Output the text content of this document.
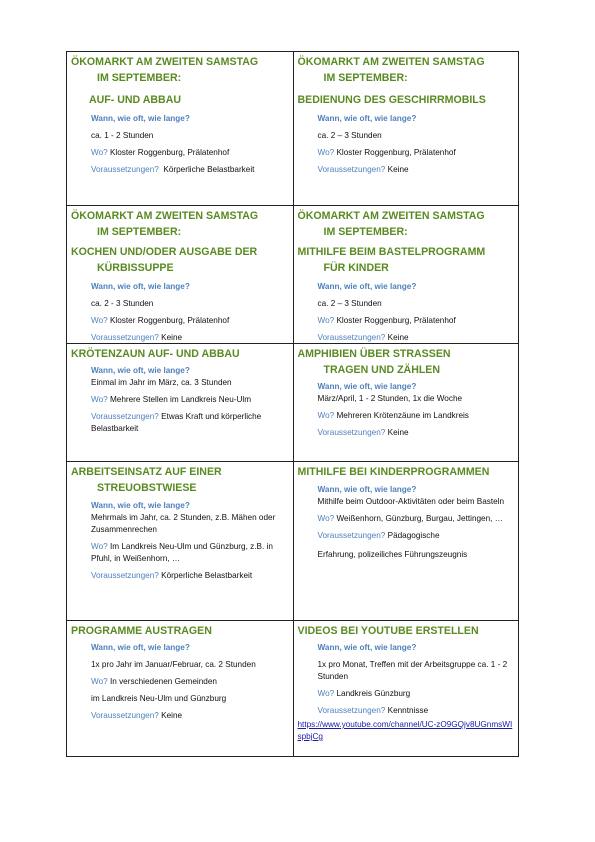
ÖKOMARKT AM ZWEITEN SAMSTAG
IM SEPTEMBER:
AUF- UND ABBAU
Wann, wie oft, wie lange?
ca. 1 - 2 Stunden
Wo? Kloster Roggenburg, Prälatenhof
Voraussetzungen? Körperliche Belastbarkeit
ÖKOMARKT AM ZWEITEN SAMSTAG
IM SEPTEMBER:
BEDIENUNG DES GESCHIRRMOBILS
Wann, wie oft, wie lange?
ca. 2 – 3 Stunden
Wo? Kloster Roggenburg, Prälatenhof
Voraussetzungen? Keine
ÖKOMARKT AM ZWEITEN SAMSTAG
IM SEPTEMBER:
KOCHEN UND/ODER AUSGABE DER
KÜRBISSUPPE
Wann, wie oft, wie lange?
ca. 2 - 3 Stunden
Wo? Kloster Roggenburg, Prälatenhof
Voraussetzungen? Keine
ÖKOMARKT AM ZWEITEN SAMSTAG
IM SEPTEMBER:
MITHILFE BEIM BASTELPROGRAMM
FÜR KINDER
Wann, wie oft, wie lange?
ca. 2 – 3 Stunden
Wo? Kloster Roggenburg, Prälatenhof
Voraussetzungen? Keine
KRÖTENZAUN AUF- UND ABBAU
Wann, wie oft, wie lange?
Einmal im Jahr im März, ca. 3 Stunden
Wo? Mehrere Stellen im Landkreis Neu-Ulm
Voraussetzungen? Etwas Kraft und körperliche Belastbarkeit
AMPHIBIEN ÜBER STRASSEN
TRAGEN UND ZÄHLEN
Wann, wie oft, wie lange?
März/April, 1 - 2 Stunden, 1x die Woche
Wo? Mehreren Krötenzäune im Landkreis
Voraussetzungen? Keine
ARBEITSEINSATZ AUF EINER
STREUOBSTWIESE
Wann, wie oft, wie lange?
Mehrmals im Jahr, ca. 2 Stunden, z.B. Mähen oder Zusammenrechen
Wo? Im Landkreis Neu-Ulm und Günzburg, z.B. in Pfuhl, in Weißenhorn, …
Voraussetzungen? Körperliche Belastbarkeit
MITHILFE BEI KINDERPROGRAMMEN
Wann, wie oft, wie lange?
Mithilfe beim Outdoor-Aktivitäten oder beim Basteln
Wo? Weißenhorn, Günzburg, Burgau, Jettingen, …
Voraussetzungen? Pädagogische
Erfahrung, polizeiliches Führungszeugnis
PROGRAMME AUSTRAGEN
Wann, wie oft, wie lange?
1x pro Jahr im Januar/Februar, ca. 2 Stunden
Wo? In verschiedenen Gemeinden
im Landkreis Neu-Ulm und Günzburg
Voraussetzungen? Keine
VIDEOS BEI YOUTUBE ERSTELLEN
Wann, wie oft, wie lange?
1x pro Monat, Treffen mit der Arbeitsgruppe ca. 1 - 2 Stunden
Wo? Landkreis Günzburg
Voraussetzungen? Kenntnisse
https://www.youtube.com/channel/UC-zO9GQjv8UGnmsWIspbjCg
